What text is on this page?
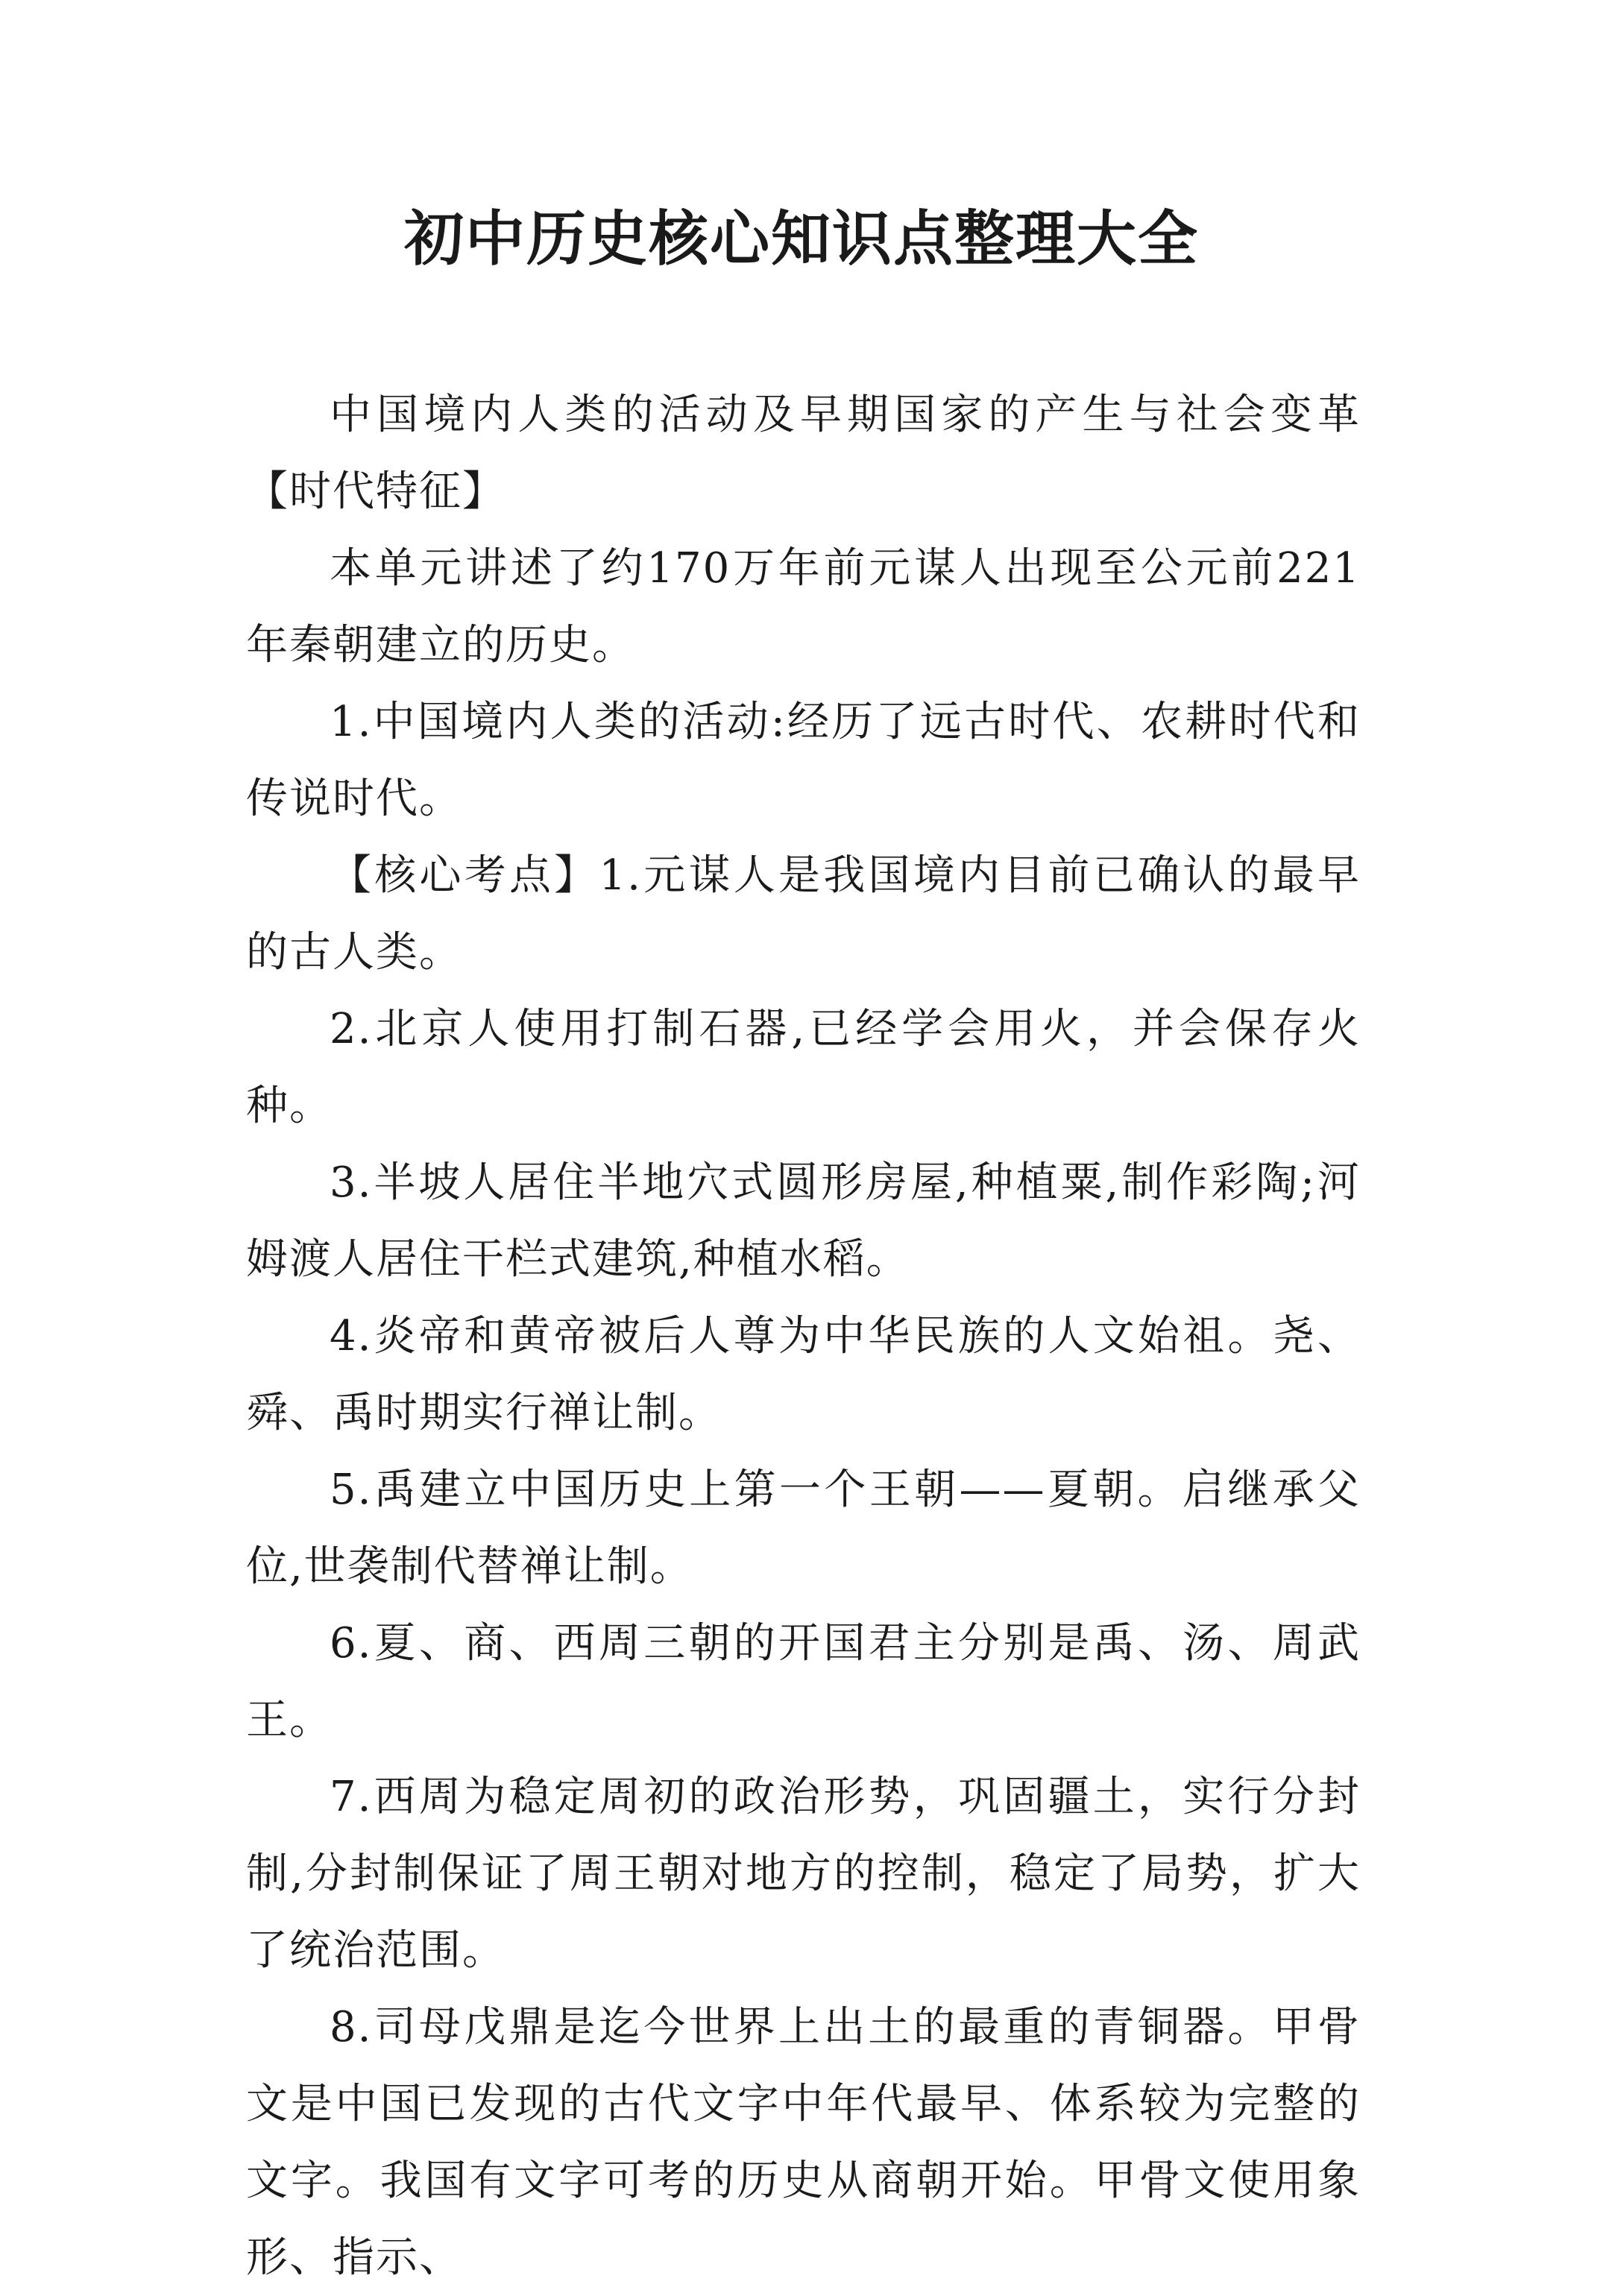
初中历史核心知识点整理大全

中国境内人类的活动及早期国家的产生与社会变革【时代特征】

本单元讲述了约170万年前元谋人出现至公元前221年秦朝建立的历史。

1.中国境内人类的活动:经历了远古时代、农耕时代和传说时代。

【核心考点】1.元谋人是我国境内目前已确认的最早的古人类。

2.北京人使用打制石器,已经学会用火，并会保存火种。

3.半坡人居住半地穴式圆形房屋,种植粟,制作彩陶;河姆渡人居住干栏式建筑,种植水稻。

4.炎帝和黄帝被后人尊为中华民族的人文始祖。尧、舜、禹时期实行禅让制。

5.禹建立中国历史上第一个王朝——夏朝。启继承父位,世袭制代替禅让制。

6.夏、商、西周三朝的开国君主分别是禹、汤、周武王。

7.西周为稳定周初的政治形势，巩固疆土，实行分封制,分封制保证了周王朝对地方的控制，稳定了局势，扩大了统治范围。

8.司母戊鼎是迄今世界上出土的最重的青铜器。甲骨文是中国已发现的古代文字中年代最早、体系较为完整的文字。我国有文字可考的历史从商朝开始。甲骨文使用象形、指示、
